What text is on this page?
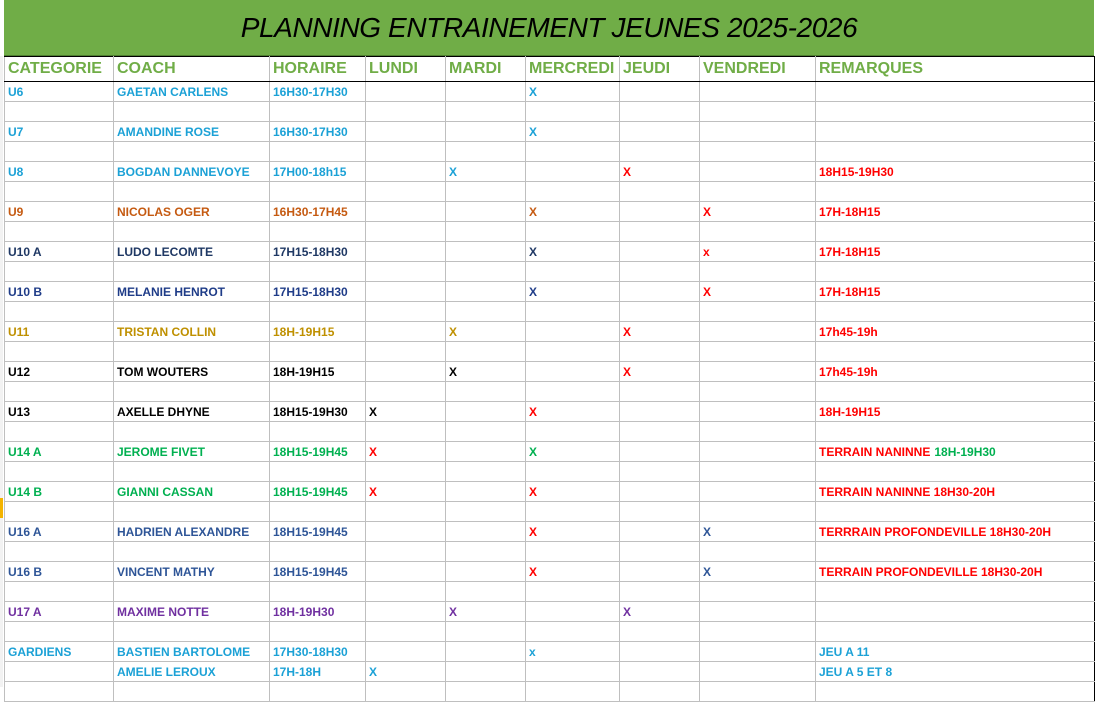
PLANNING ENTRAINEMENT JEUNES 2025-2026
CATEGORIE	COACH	HORAIRE	LUNDI	MARDI	MERCREDI	JEUDI	VENDREDI	REMARQUES
U6	GAETAN CARLENS	16H30-17H30			X			

U7	AMANDINE ROSE	16H30-17H30			X			

U8	BOGDAN DANNEVOYE	17H00-18h15		X		X		18H15-19H30

U9	NICOLAS OGER	16H30-17H45			X		X	17H-18H15

U10 A	LUDO LECOMTE	17H15-18H30			X		x	17H-18H15

U10 B	MELANIE HENROT	17H15-18H30			X		X	17H-18H15

U11	TRISTAN COLLIN	18H-19H15		X		X		17h45-19h

U12	TOM WOUTERS	18H-19H15		X		X		17h45-19h

U13	AXELLE DHYNE	18H15-19H30	X		X			18H-19H15

U14 A	JEROME FIVET	18H15-19H45	X		X			TERRAIN NANINNE 18H-19H30

U14 B	GIANNI CASSAN	18H15-19H45	X		X			TERRAIN NANINNE 18H30-20H

U16 A	HADRIEN ALEXANDRE	18H15-19H45			X		X	TERRRAIN PROFONDEVILLE 18H30-20H

U16 B	VINCENT MATHY	18H15-19H45			X		X	TERRAIN PROFONDEVILLE 18H30-20H

U17 A	MAXIME NOTTE	18H-19H30		X		X		

GARDIENS	BASTIEN BARTOLOME	17H30-18H30			x			JEU A 11
	AMELIE LEROUX	17H-18H	X					JEU A 5 ET 8
